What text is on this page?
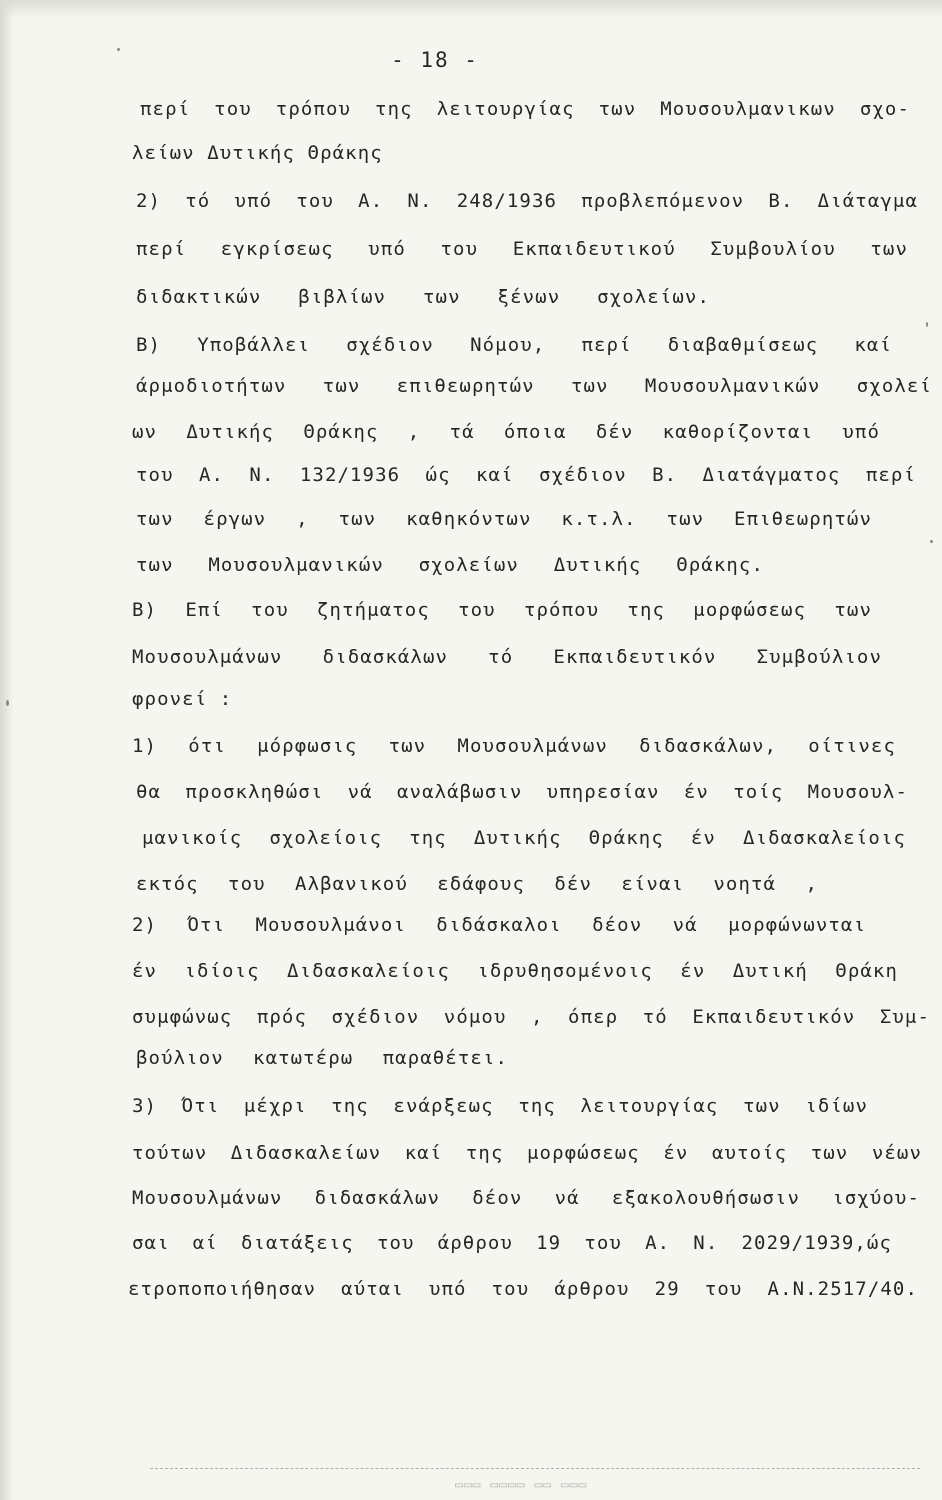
- 18 -
περί του τρόπου της λειτουργίας των Μουσουλμανικων σχο-
λείων Δυτικής Θράκης
2) τό υπό του Α. Ν. 248/1936 προβλεπόμενον Β. Διάταγμα
περί εγκρίσεως υπό του Εκπαιδευτικού Συμβουλίου των
διδακτικών βιβλίων των ξένων σχολείων.
Β) Υποβάλλει σχέδιον Νόμου, περί διαβαθμίσεως καί
άρμοδιοτήτων των επιθεωρητών των Μουσουλμανικών σχολεί
ων Δυτικής Θράκης , τά όποια δέν καθορίζονται υπό
του Α. Ν. 132/1936 ώς καί σχέδιον Β. Διατάγματος περί
των έργων , των καθηκόντων κ.τ.λ. των Επιθεωρητών
των Μουσουλμανικών σχολείων Δυτικής Θράκης.
Β) Επί του ζητήματος του τρόπου της μορφώσεως των
Μουσουλμάνων διδασκάλων τό Εκπαιδευτικόν Συμβούλιον
φρονεί :
1) ότι μόρφωσις των Μουσουλμάνων διδασκάλων, οίτινες
θα προσκληθώσι νά αναλάβωσιν υπηρεσίαν έν τοίς Μουσουλ-
μανικοίς σχολείοις της Δυτικής Θράκης έν Διδασκαλείοις
εκτός του Αλβανικού εδάφους δέν είναι νοητά ,
2) Ότι Μουσουλμάνοι διδάσκαλοι δέον νά μορφώνωνται
έν ιδίοις Διδασκαλείοις ιδρυθησομένοις έν Δυτική Θράκη
συμφώνως πρός σχέδιον νόμου , όπερ τό Εκπαιδευτικόν Συμ-
βούλιον κατωτέρω παραθέτει.
3) Ότι μέχρι της ενάρξεως της λειτουργίας των ιδίων
τούτων Διδασκαλείων καί της μορφώσεως έν αυτοίς των νέων
Μουσουλμάνων διδασκάλων δέον νά εξακολουθήσωσιν ισχύου-
σαι αί διατάξεις του άρθρου 19 του Α. Ν. 2029/1939,ώς
ετροποποιήθησαν αύται υπό του άρθρου 29 του Α.Ν.2517/40.
▭▭▭ ▭▭▭▭ ▭▭ ▭▭▭
